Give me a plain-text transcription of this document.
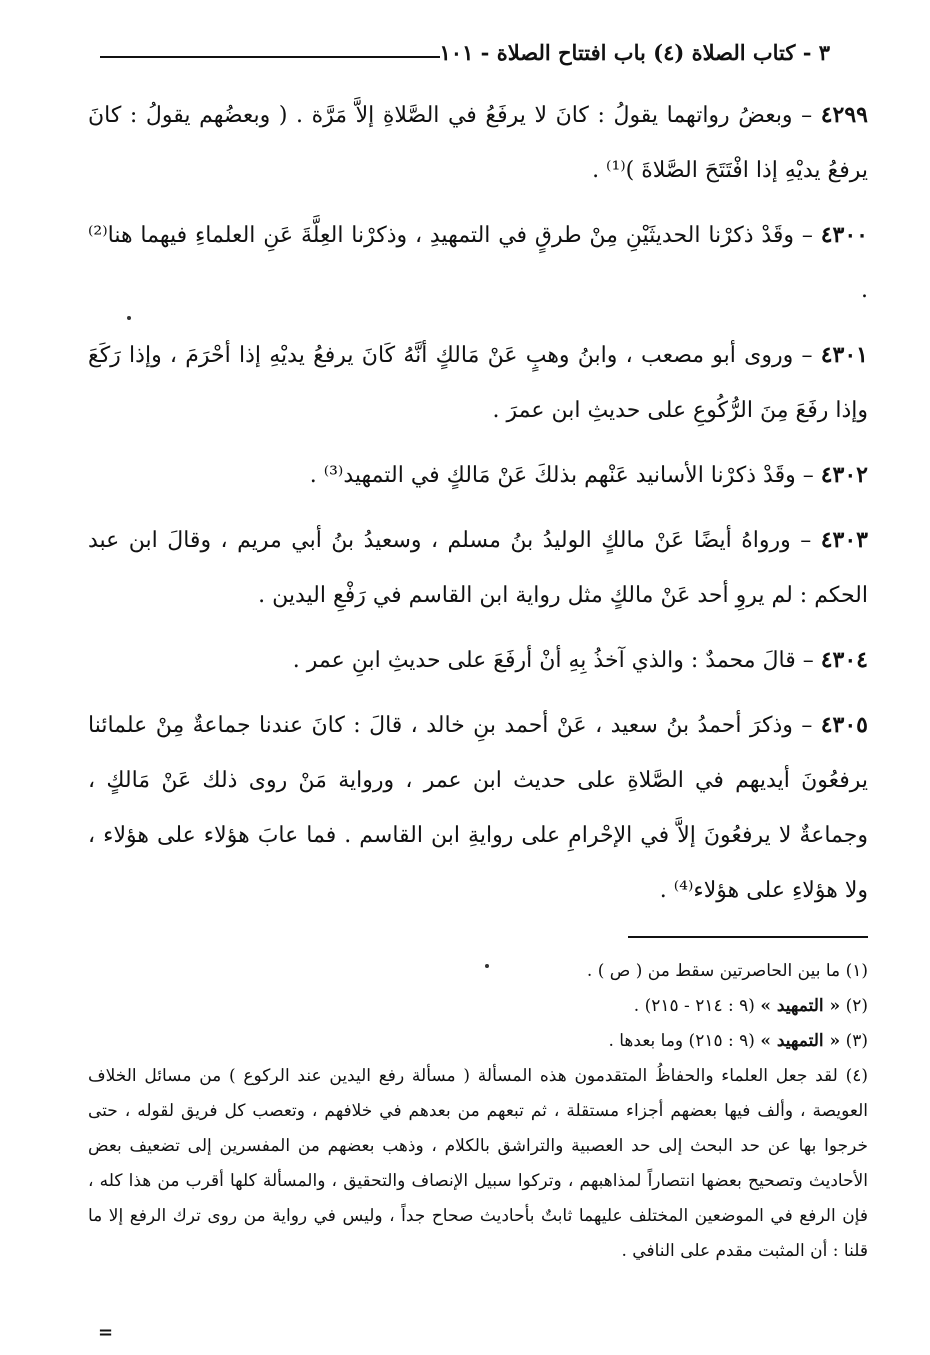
٣ - كتاب الصلاة (٤) باب افتتاح الصلاة - ١٠١

٤٢٩٩ – وبعضُ رواتهما يقولُ : كانَ لا يرفَعُ في الصَّلاةِ إلاَّ مَرَّة . ( وبعضُهم يقولُ : كانَ يرفعُ يديْهِ إذا افْتَتَحَ الصَّلاةَ )⁽¹⁾ .

٤٣٠٠ – وقَدْ ذكرْنا الحديثَيْنِ مِنْ طرقٍ في التمهيدِ ، وذكرْنا العِلَّةَ عَنِ العلماءِ فيهما هنا⁽²⁾ .

٤٣٠١ – وروى أبو مصعب ، وابنُ وهبٍ عَنْ مَالكٍ أنَّهُ كَانَ يرفعُ يديْهِ إذا أحْرَمَ ، وإذا رَكَعَ وإذا رفَعَ مِنَ الرُّكُوعِ على حديثِ ابن عمرَ .

٤٣٠٢ – وقَدْ ذكرْنا الأسانيد عَنْهم بذلكَ عَنْ مَالكٍ في التمهيد⁽³⁾ .

٤٣٠٣ – ورواهُ أيضًا عَنْ مالكٍ الوليدُ بنُ مسلم ، وسعيدُ بنُ أبي مريم ، وقالَ ابن عبد الحكم : لم يروِ أحد عَنْ مالكٍ مثل رواية ابن القاسم في رَفْعِ اليدين .

٤٣٠٤ – قالَ محمدٌ : والذي آخذُ بِهِ أنْ أرفَعَ على حديثِ ابنِ عمر .

٤٣٠٥ – وذكرَ أحمدُ بنُ سعيد ، عَنْ أحمد بنِ خالد ، قالَ : كانَ عندنا جماعةٌ مِنْ علمائنا يرفعُونَ أيديهم في الصَّلاةِ على حديث ابن عمر ، ورواية مَنْ روى ذلك عَنْ مَالكٍ ، وجماعةٌ لا يرفعُونَ إلاَّ في الإحْرامِ على روايةِ ابن القاسم . فما عابَ هؤلاء على هؤلاء ، ولا هؤلاءِ على هؤلاء⁽⁴⁾ .

(١) ما بين الحاصرتين سقط من ( ص ) .

(٢) « التمهيد » (٩ : ٢١٤ - ٢١٥) .

(٣) « التمهيد » (٩ : ٢١٥) وما بعدها .

(٤) لقد جعل العلماء والحفاظُ المتقدمون هذه المسألة ( مسألة رفع اليدين عند الركوع ) من مسائل الخلاف العويصة ، وألف فيها بعضهم أجزاء مستقلة ، ثم تبعهم من بعدهم في خلافهم ، وتعصب كل فريق لقوله ، حتى خرجوا بها عن حد البحث إلى حد العصبية والتراشق بالكلام ، وذهب بعضهم من المفسرين إلى تضعيف بعض الأحاديث وتصحيح بعضها انتصاراً لمذاهبهم ، وتركوا سبيل الإنصاف والتحقيق ، والمسألة كلها أقرب من هذا كله ، فإن الرفع في الموضعين المختلف عليهما ثابتٌ بأحاديث صحاح جداً ، وليس في رواية من روى ترك الرفع إلا ما قلنا : أن المثبت مقدم على النافي .

=
